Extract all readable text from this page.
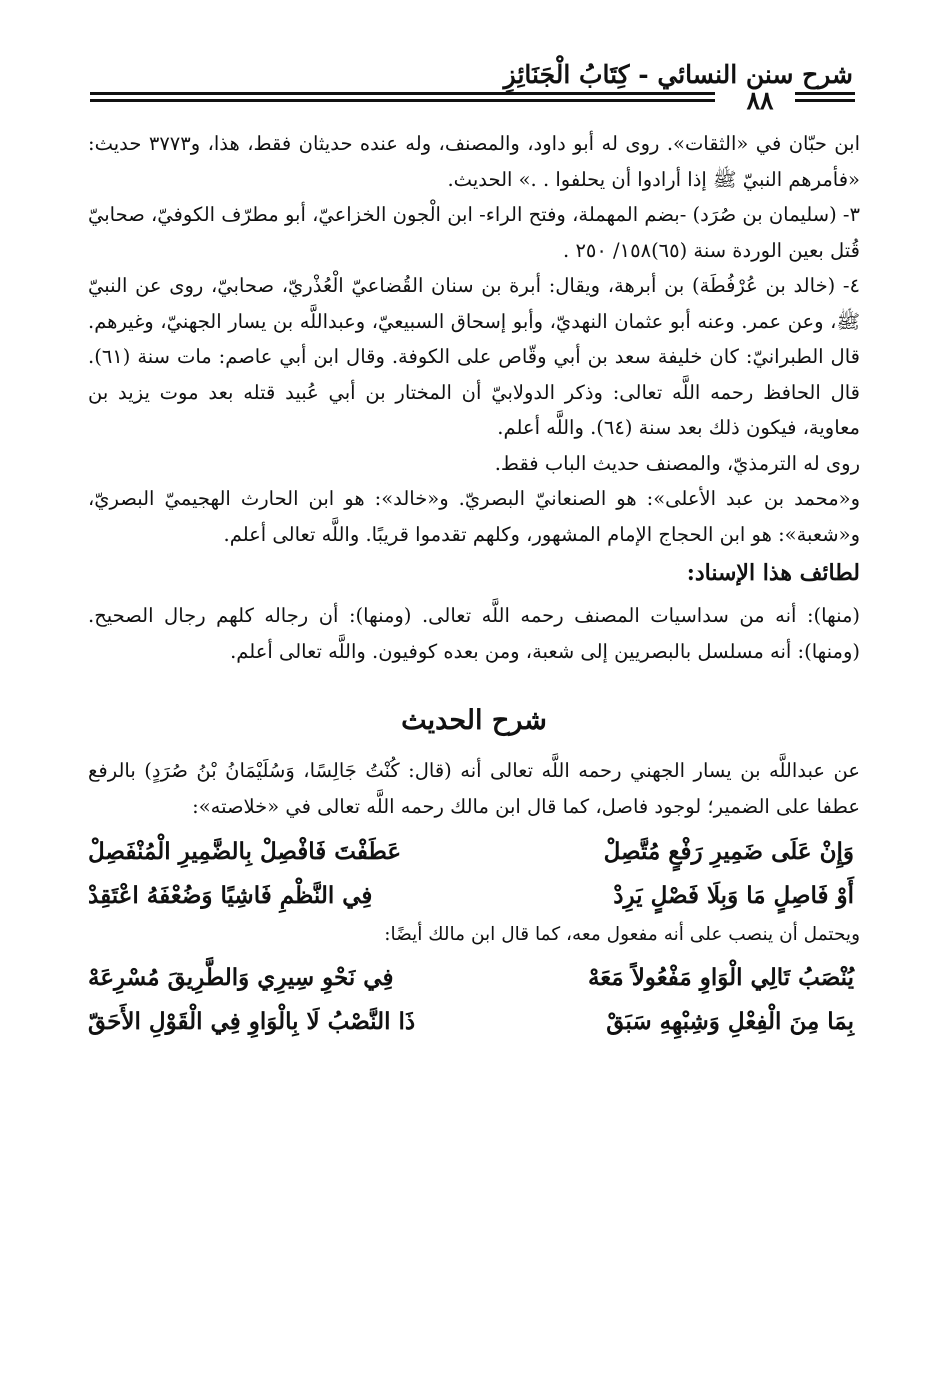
شرح سنن النسائي - كِتَابُ الْجَنَائِزِ
٨٨

ابن حبّان في «الثقات». روى له أبو داود، والمصنف، وله عنده حديثان فقط، هذا، و٣٧٧٣ حديث: «فأمرهم النبيّ ﷺ إذا أرادوا أن يحلفوا . .» الحديث.

٣- (سليمان بن صُرَد) -بضم المهملة، وفتح الراء- ابن الْجون الخزاعيّ، أبو مطرّف الكوفيّ، صحابيّ قُتل بعين الوردة سنة (٦٥)١٥٨/ ٢٥٠ .

٤- (خالد بن عُرْفُطَة) بن أبرهة، ويقال: أبرة بن سنان القُضاعيّ الْعُذْريّ، صحابيّ، روى عن النبيّ ﷺ، وعن عمر. وعنه أبو عثمان النهديّ، وأبو إسحاق السبيعيّ، وعبداللَّه بن يسار الجهنيّ، وغيرهم. قال الطبرانيّ: كان خليفة سعد بن أبي وقّاص على الكوفة. وقال ابن أبي عاصم: مات سنة (٦١). قال الحافظ رحمه اللَّه تعالى: وذكر الدولابيّ أن المختار بن أبي عُبيد قتله بعد موت يزيد بن معاوية، فيكون ذلك بعد سنة (٦٤). واللَّه أعلم.

روى له الترمذيّ، والمصنف حديث الباب فقط.

و«محمد بن عبد الأعلى»: هو الصنعانيّ البصريّ. و«خالد»: هو ابن الحارث الهجيميّ البصريّ، و«شعبة»: هو ابن الحجاج الإمام المشهور، وكلهم تقدموا قريبًا. واللَّه تعالى أعلم.

لطائف هذا الإسناد:

(منها): أنه من سداسيات المصنف رحمه اللَّه تعالى. (ومنها): أن رجاله كلهم رجال الصحيح. (ومنها): أنه مسلسل بالبصريين إلى شعبة، ومن بعده كوفيون. واللَّه تعالى أعلم.

شرح الحديث

عن عبداللَّه بن يسار الجهني رحمه اللَّه تعالى أنه (قال: كُنْتُ جَالِسًا، وَسُلَيْمَانُ بْنُ صُرَدٍ) بالرفع عطفا على الضمير؛ لوجود فاصل، كما قال ابن مالك رحمه اللَّه تعالى في «خلاصته»:

وَإِنْ عَلَى ضَمِيرِ رَفْعٍ مُتَّصِلْ
عَطَفْتَ فَافْصِلْ بِالضَّمِيرِ الْمُنْفَصِلْ
أَوْ فَاصِلٍ مَا وَبِلَا فَصْلٍ يَرِدْ
فِي النَّظْمِ فَاشِيًا وَضُعْفَهُ اعْتَقِدْ
ويحتمل أن ينصب على أنه مفعول معه، كما قال ابن مالك أيضًا:
يُنْصَبُ تَالِي الْوَاوِ مَفْعُولاً مَعَهْ
فِي نَحْوِ سِيرِي وَالطَّرِيقَ مُسْرِعَهْ
بِمَا مِنَ الْفِعْلِ وَشِبْهِهِ سَبَقْ
ذَا النَّصْبُ لَا بِالْوَاوِ فِي الْقَوْلِ الأَحَقّ
